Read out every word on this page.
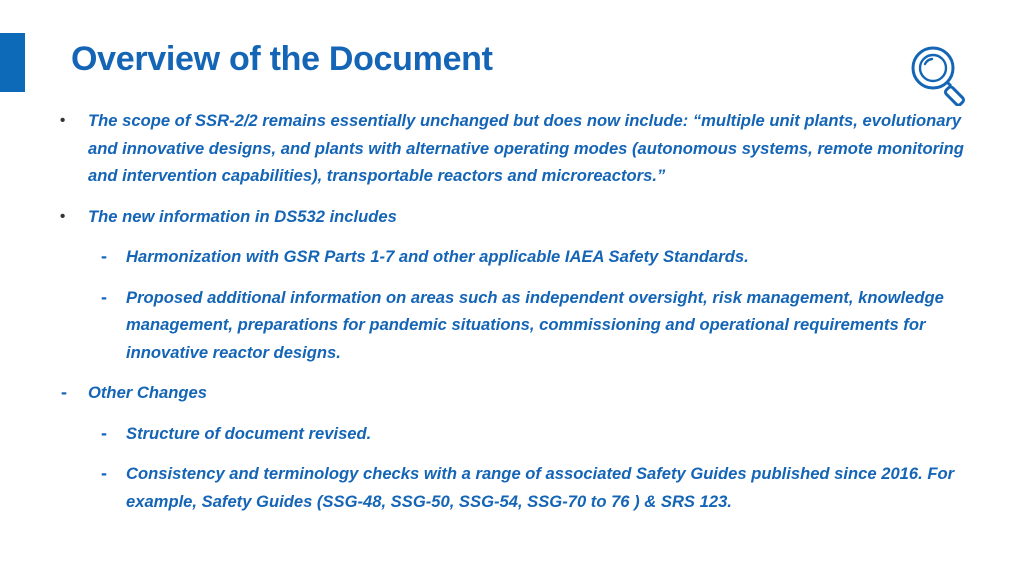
Overview of the Document
• The scope of SSR-2/2 remains essentially unchanged but does now include: “multiple unit plants, evolutionary and innovative designs, and plants with alternative operating modes (autonomous systems, remote monitoring and intervention capabilities), transportable reactors and microreactors.”
• The new information in DS532 includes
- Harmonization with GSR Parts 1-7 and other applicable IAEA Safety Standards.
- Proposed additional information on areas such as independent oversight, risk management, knowledge management, preparations for pandemic situations, commissioning and operational requirements for innovative reactor designs.
- Other Changes
- Structure of document revised.
- Consistency and terminology checks with a range of associated Safety Guides published since 2016. For example, Safety Guides (SSG-48, SSG-50, SSG-54, SSG-70 to 76 ) & SRS 123.
